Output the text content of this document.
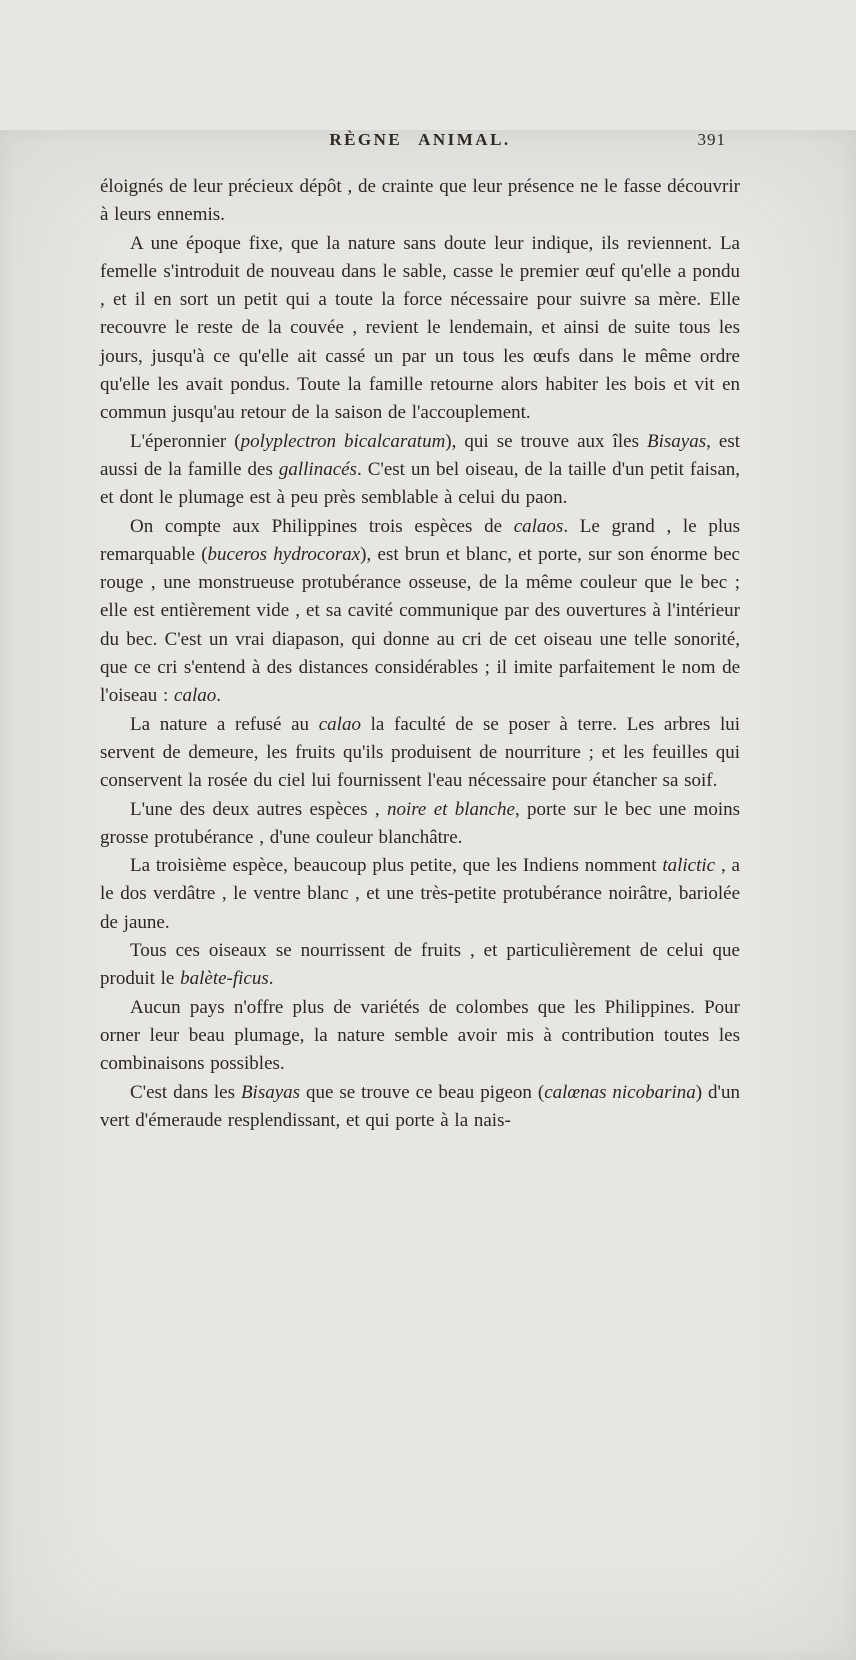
RÈGNE ANIMAL.	391

éloignés de leur précieux dépôt , de crainte que leur présence ne le fasse découvrir à leurs ennemis.

A une époque fixe, que la nature sans doute leur indique, ils reviennent. La femelle s'introduit de nouveau dans le sable, casse le premier œuf qu'elle a pondu , et il en sort un petit qui a toute la force nécessaire pour suivre sa mère. Elle recouvre le reste de la couvée , revient le lendemain, et ainsi de suite tous les jours, jusqu'à ce qu'elle ait cassé un par un tous les œufs dans le même ordre qu'elle les avait pondus. Toute la famille retourne alors habiter les bois et vit en commun jusqu'au retour de la saison de l'accouplement.

L'éperonnier (polyplectron bicalcaratum), qui se trouve aux îles Bisayas, est aussi de la famille des gallinacés. C'est un bel oiseau, de la taille d'un petit faisan, et dont le plumage est à peu près semblable à celui du paon.

On compte aux Philippines trois espèces de calaos. Le grand , le plus remarquable (buceros hydrocorax), est brun et blanc, et porte, sur son énorme bec rouge , une monstrueuse protubérance osseuse, de la même couleur que le bec ; elle est entièrement vide , et sa cavité communique par des ouvertures à l'intérieur du bec. C'est un vrai diapason, qui donne au cri de cet oiseau une telle sonorité, que ce cri s'entend à des distances considérables ; il imite parfaitement le nom de l'oiseau : calao.

La nature a refusé au calao la faculté de se poser à terre. Les arbres lui servent de demeure, les fruits qu'ils produisent de nourriture ; et les feuilles qui conservent la rosée du ciel lui fournissent l'eau nécessaire pour étancher sa soif.

L'une des deux autres espèces , noire et blanche, porte sur le bec une moins grosse protubérance , d'une couleur blanchâtre.

La troisième espèce, beaucoup plus petite, que les Indiens nomment talictic , a le dos verdâtre , le ventre blanc , et une très-petite protubérance noirâtre, bariolée de jaune.

Tous ces oiseaux se nourrissent de fruits , et particulièrement de celui que produit le balète-ficus.

Aucun pays n'offre plus de variétés de colombes que les Philippines. Pour orner leur beau plumage, la nature semble avoir mis à contribution toutes les combinaisons possibles.

C'est dans les Bisayas que se trouve ce beau pigeon (calœnas nicobarina) d'un vert d'émeraude resplendissant, et qui porte à la nais-
